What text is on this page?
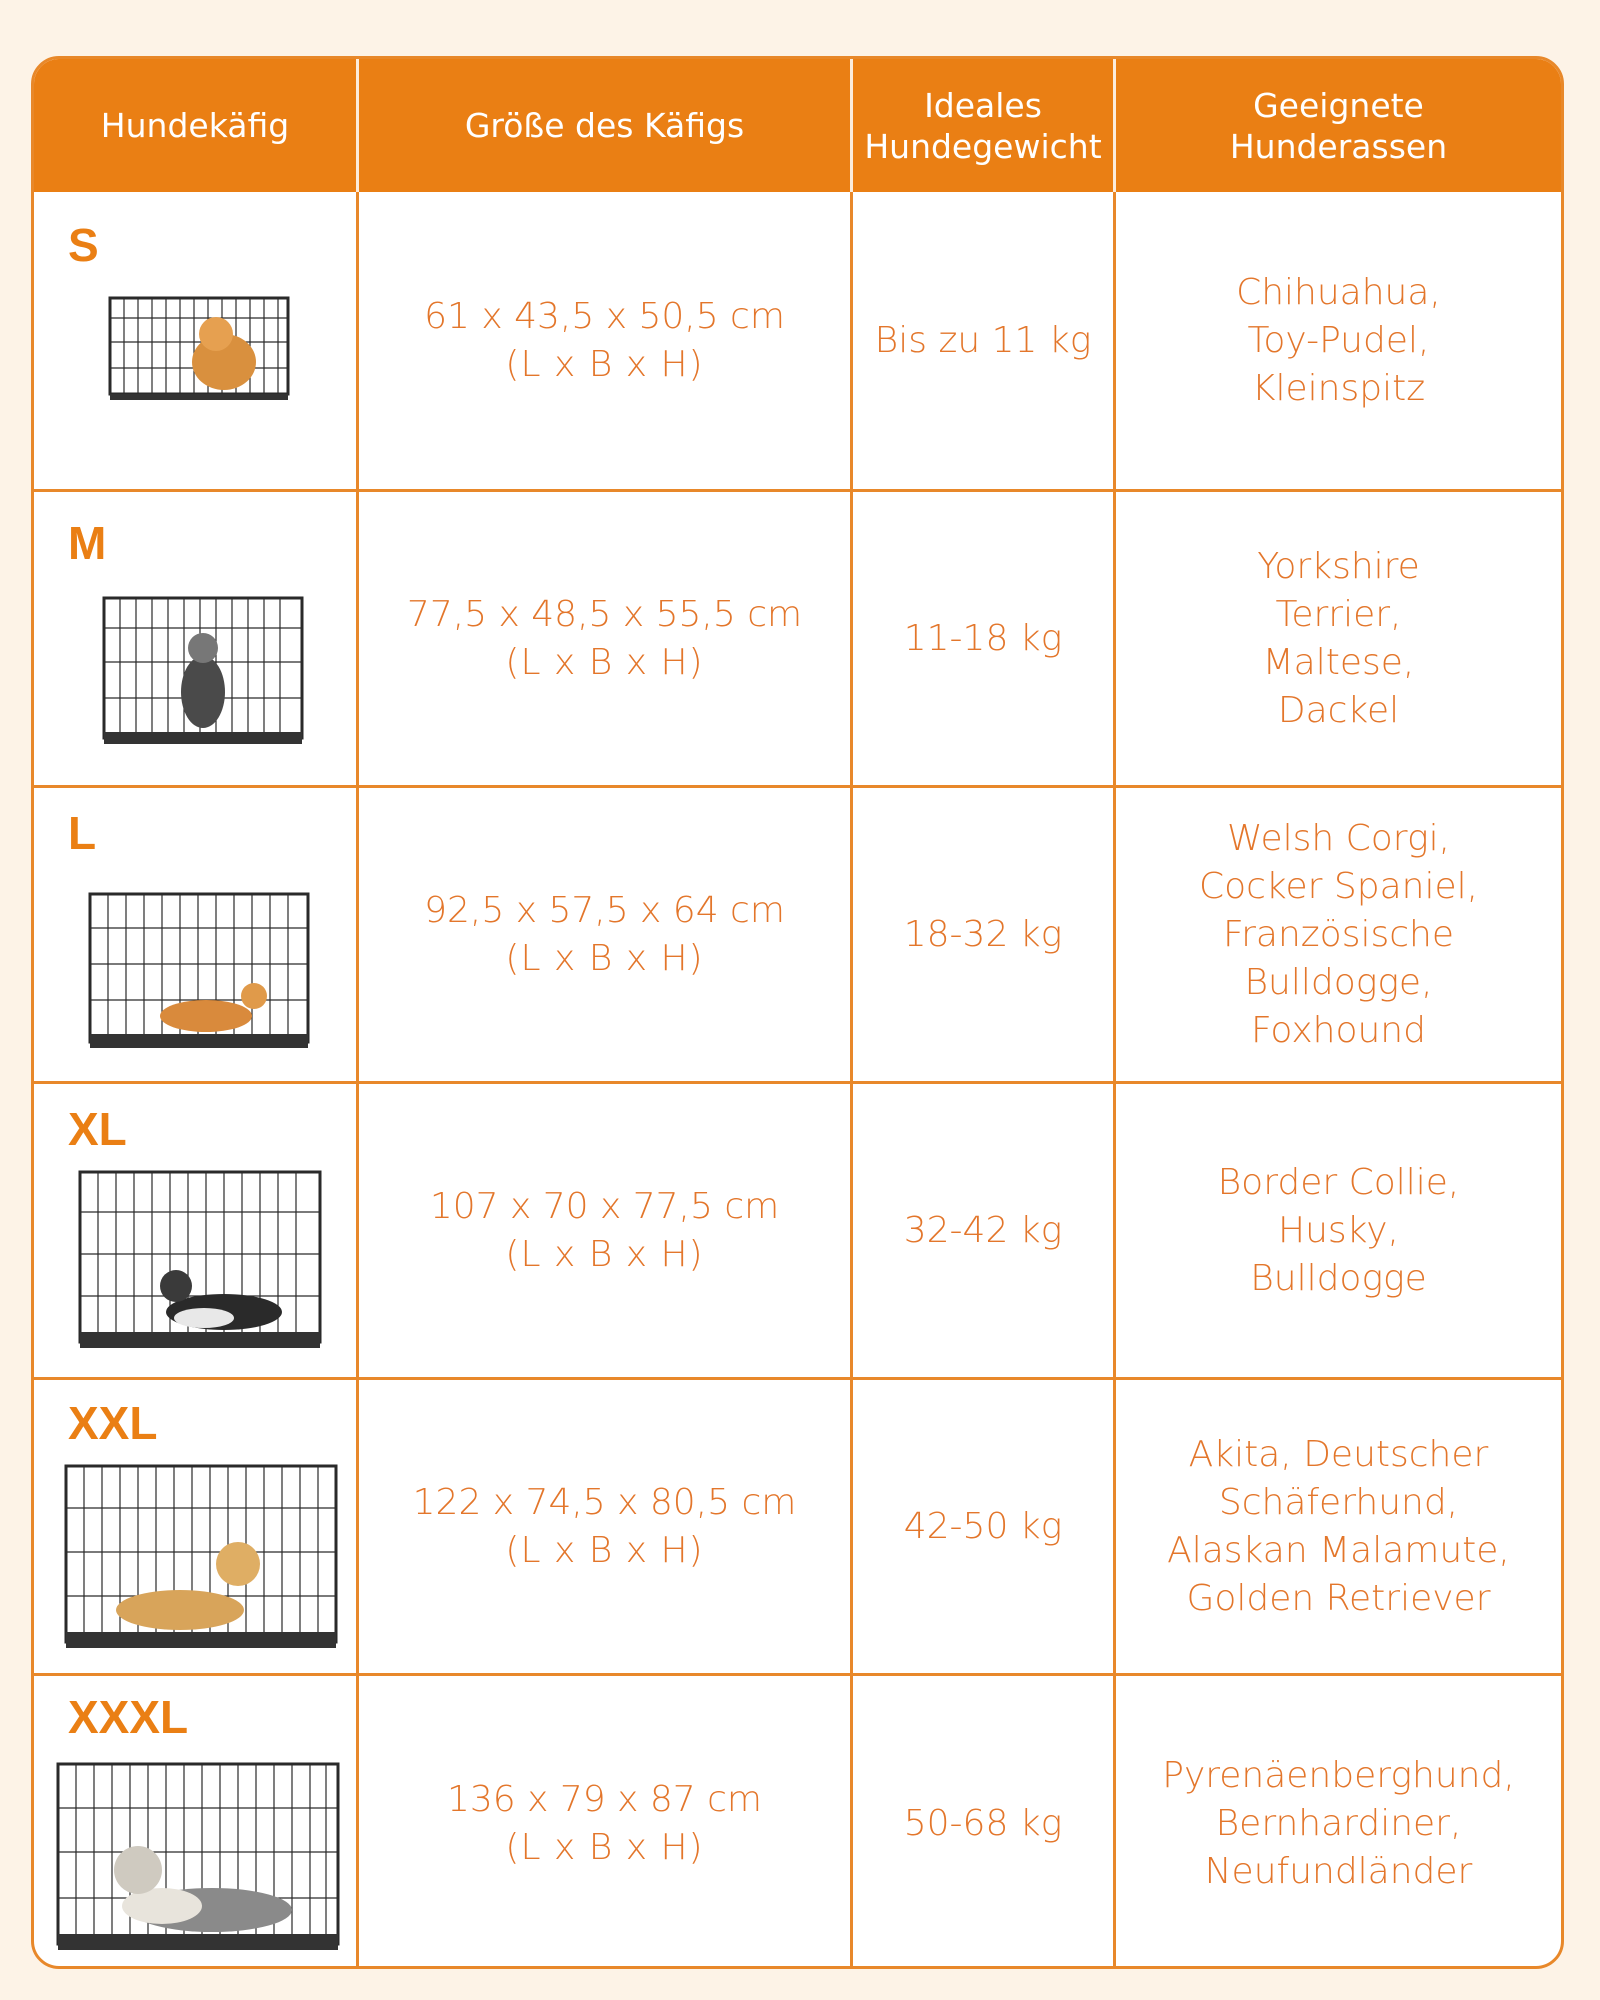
Hundekäfig	Größe des Käfigs
Ideales
Hundegewicht
Geeignete
Hunderassen
S
61 x 43,5 x 50,5 cm
(L x B x H)
Bis zu 11 kg
Chihuahua,
Toy-Pudel,
Kleinspitz
M
77,5 x 48,5 x 55,5 cm
(L x B x H)
11-18 kg
Yorkshire
Terrier,
Maltese,
Dackel
L
92,5 x 57,5 x 64 cm
(L x B x H)
18-32 kg
Welsh Corgi,
Cocker Spaniel,
Französische
Bulldogge,
Foxhound
XL
107 x 70 x 77,5 cm
(L x B x H)
32-42 kg
Border Collie,
Husky,
Bulldogge
XXL
122 x 74,5 x 80,5 cm
(L x B x H)
42-50 kg
Akita, Deutscher
Schäferhund,
Alaskan Malamute,
Golden Retriever
XXXL
136 x 79 x 87 cm
(L x B x H)
50-68 kg
Pyrenäenberghund,
Bernhardiner,
Neufundländer
